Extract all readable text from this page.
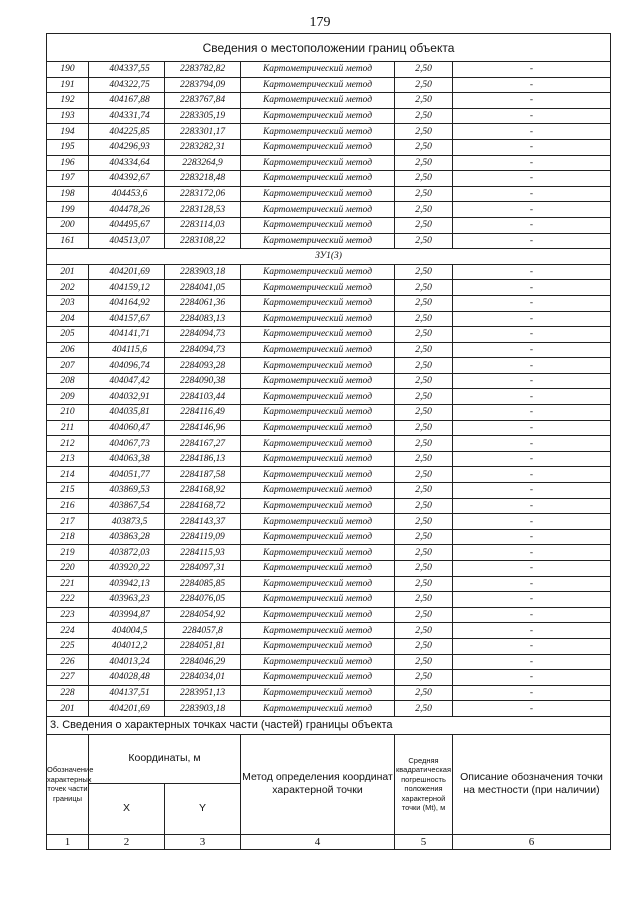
179
Сведения о местоположении границ объекта					
190	404337,55	2283782,82	Картометрический метод	2,50	-
191	404322,75	2283794,09	Картометрический метод	2,50	-
192	404167,88	2283767,84	Картометрический метод	2,50	-
193	404331,74	2283305,19	Картометрический метод	2,50	-
194	404225,85	2283301,17	Картометрический метод	2,50	-
195	404296,93	2283282,31	Картометрический метод	2,50	-
196	404334,64	2283264,9	Картометрический метод	2,50	-
197	404392,67	2283218,48	Картометрический метод	2,50	-
198	404453,6	2283172,06	Картометрический метод	2,50	-
199	404478,26	2283128,53	Картометрический метод	2,50	-
200	404495,67	2283114,03	Картометрический метод	2,50	-
161	404513,07	2283108,22	Картометрический метод	2,50	-
ЗУ1(3)					
201	404201,69	2283903,18	Картометрический метод	2,50	-
202	404159,12	2284041,05	Картометрический метод	2,50	-
203	404164,92	2284061,36	Картометрический метод	2,50	-
204	404157,67	2284083,13	Картометрический метод	2,50	-
205	404141,71	2284094,73	Картометрический метод	2,50	-
206	404115,6	2284094,73	Картометрический метод	2,50	-
207	404096,74	2284093,28	Картометрический метод	2,50	-
208	404047,42	2284090,38	Картометрический метод	2,50	-
209	404032,91	2284103,44	Картометрический метод	2,50	-
210	404035,81	2284116,49	Картометрический метод	2,50	-
211	404060,47	2284146,96	Картометрический метод	2,50	-
212	404067,73	2284167,27	Картометрический метод	2,50	-
213	404063,38	2284186,13	Картометрический метод	2,50	-
214	404051,77	2284187,58	Картометрический метод	2,50	-
215	403869,53	2284168,92	Картометрический метод	2,50	-
216	403867,54	2284168,72	Картометрический метод	2,50	-
217	403873,5	2284143,37	Картометрический метод	2,50	-
218	403863,28	2284119,09	Картометрический метод	2,50	-
219	403872,03	2284115,93	Картометрический метод	2,50	-
220	403920,22	2284097,31	Картометрический метод	2,50	-
221	403942,13	2284085,85	Картометрический метод	2,50	-
222	403963,23	2284076,05	Картометрический метод	2,50	-
223	403994,87	2284054,92	Картометрический метод	2,50	-
224	404004,5	2284057,8	Картометрический метод	2,50	-
225	404012,2	2284051,81	Картометрический метод	2,50	-
226	404013,24	2284046,29	Картометрический метод	2,50	-
227	404028,48	2284034,01	Картометрический метод	2,50	-
228	404137,51	2283951,13	Картометрический метод	2,50	-
201	404201,69	2283903,18	Картометрический метод	2,50	-
3. Сведения о характерных точках части (частей) границы объекта					
Обозначение характерных точек части границы	Координаты, м		Метод определения координат характерной точки	Средняя квадратическая погрешность положения характерной точки (Mt), м	Описание обозначения точки на местности (при наличии)
	X	Y			
1	2	3	4	5	6
